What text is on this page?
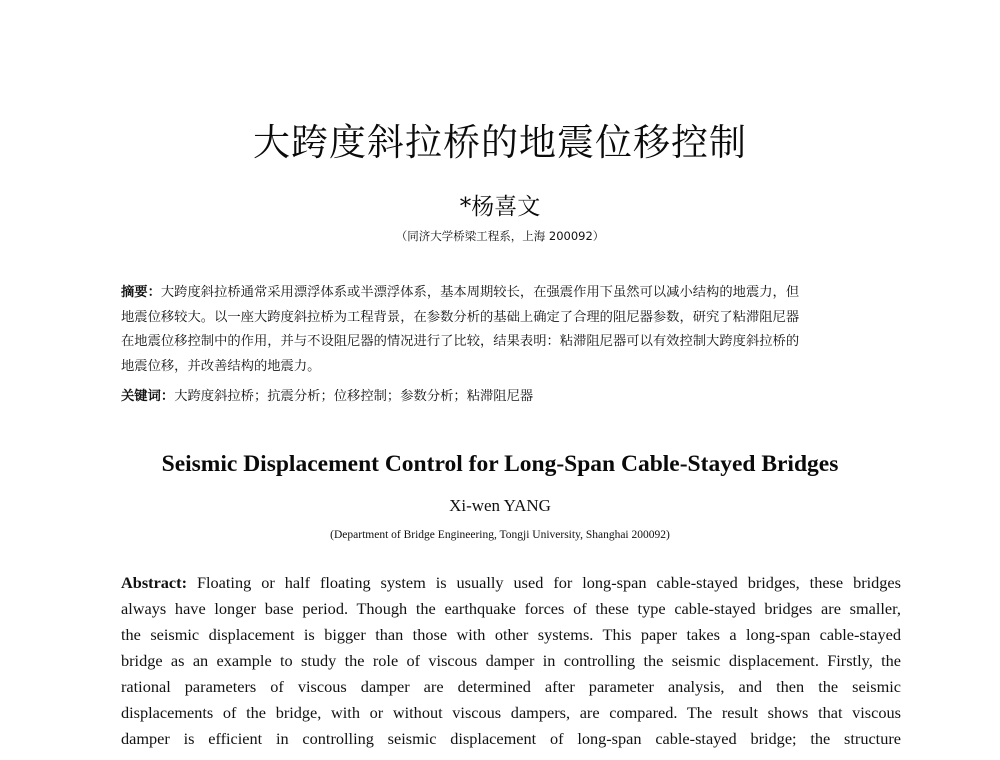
大跨度斜拉桥的地震位移控制
*杨喜文
（同济大学桥梁工程系，上海 200092）
摘要：大跨度斜拉桥通常采用漂浮体系或半漂浮体系，基本周期较长，在强震作用下虽然可以减小结构的地震力，但
地震位移较大。以一座大跨度斜拉桥为工程背景，在参数分析的基础上确定了合理的阻尼器参数，研究了粘滞阻尼器
在地震位移控制中的作用，并与不设阻尼器的情况进行了比较，结果表明：粘滞阻尼器可以有效控制大跨度斜拉桥的
地震位移，并改善结构的地震力。
关键词：大跨度斜拉桥；抗震分析；位移控制；参数分析；粘滞阻尼器
Seismic Displacement Control for Long-Span Cable-Stayed Bridges
Xi-wen YANG
(Department of Bridge Engineering, Tongji University, Shanghai 200092)
Abstract: Floating or half floating system is usually used for long-span cable-stayed bridges, these bridges
always have longer base period. Though the earthquake forces of these type cable-stayed bridges are smaller,
the seismic displacement is bigger than those with other systems. This paper takes a long-span cable-stayed
bridge as an example to study the role of viscous damper in controlling the seismic displacement. Firstly, the
rational parameters of viscous damper are determined after parameter analysis, and then the seismic
displacements of the bridge, with or without viscous dampers, are compared. The result shows that viscous
damper is efficient in controlling seismic displacement of long-span cable-stayed bridge; the structure
